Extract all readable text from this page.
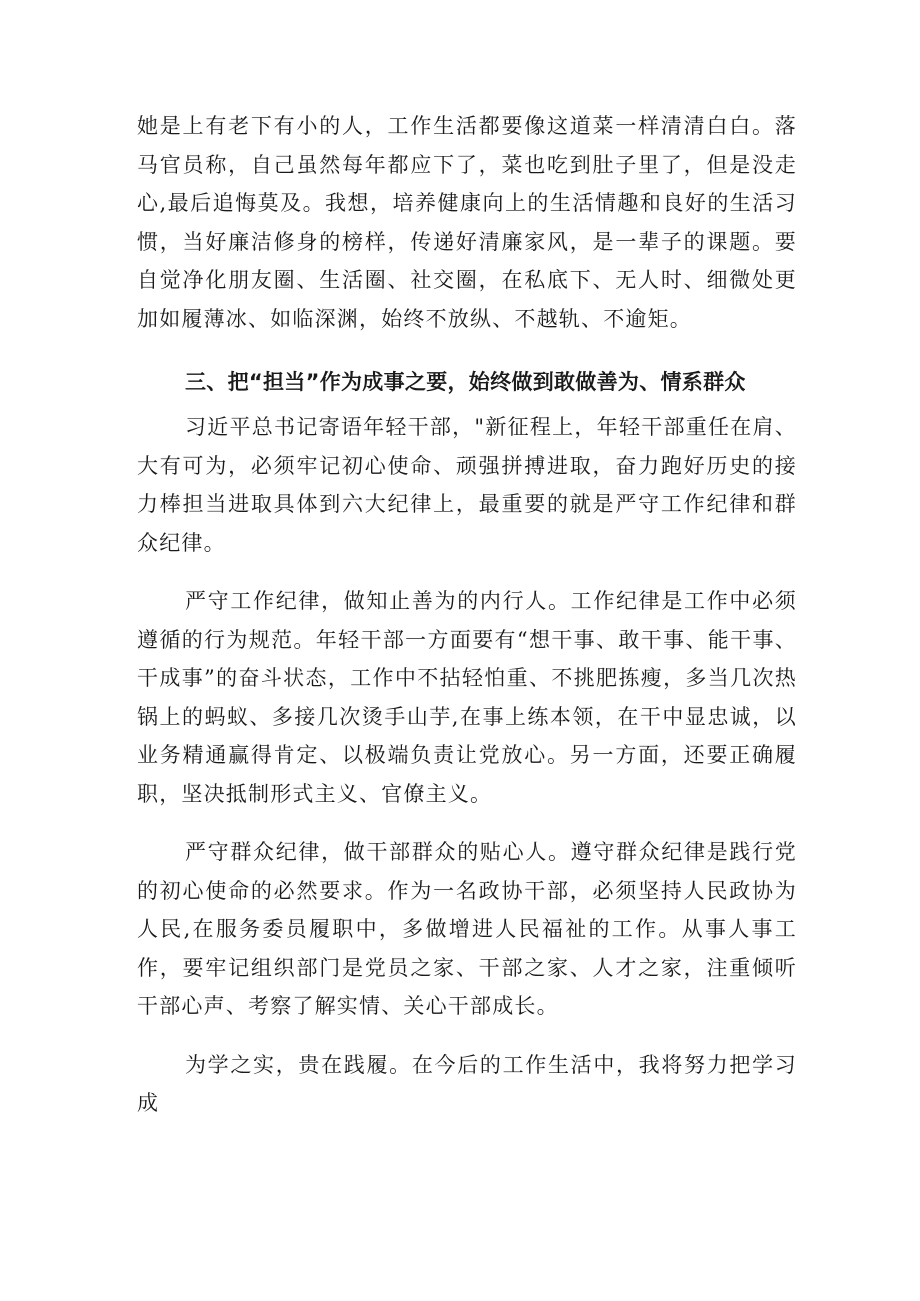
她是上有老下有小的人，工作生活都要像这道菜一样清清白白。落马官员称，自己虽然每年都应下了，菜也吃到肚子里了，但是没走心,最后追悔莫及。我想，培养健康向上的生活情趣和良好的生活习惯，当好廉洁修身的榜样，传递好清廉家风，是一辈子的课题。要自觉净化朋友圈、生活圈、社交圈，在私底下、无人时、细微处更加如履薄冰、如临深渊，始终不放纵、不越轨、不逾矩。

三、把“担当”作为成事之要，始终做到敢做善为、情系群众

习近平总书记寄语年轻干部，"新征程上，年轻干部重任在肩、大有可为，必须牢记初心使命、顽强拼搏进取，奋力跑好历史的接力棒担当进取具体到六大纪律上，最重要的就是严守工作纪律和群众纪律。

严守工作纪律，做知止善为的内行人。工作纪律是工作中必须遵循的行为规范。年轻干部一方面要有“想干事、敢干事、能干事、干成事”的奋斗状态，工作中不拈轻怕重、不挑肥拣瘦，多当几次热锅上的蚂蚁、多接几次烫手山芋,在事上练本领，在干中显忠诚，以业务精通赢得肯定、以极端负责让党放心。另一方面，还要正确履职，坚决抵制形式主义、官僚主义。

严守群众纪律，做干部群众的贴心人。遵守群众纪律是践行党的初心使命的必然要求。作为一名政协干部，必须坚持人民政协为人民,在服务委员履职中，多做增进人民福祉的工作。从事人事工作，要牢记组织部门是党员之家、干部之家、人才之家，注重倾听干部心声、考察了解实情、关心干部成长。

为学之实，贵在践履。在今后的工作生活中，我将努力把学习成
